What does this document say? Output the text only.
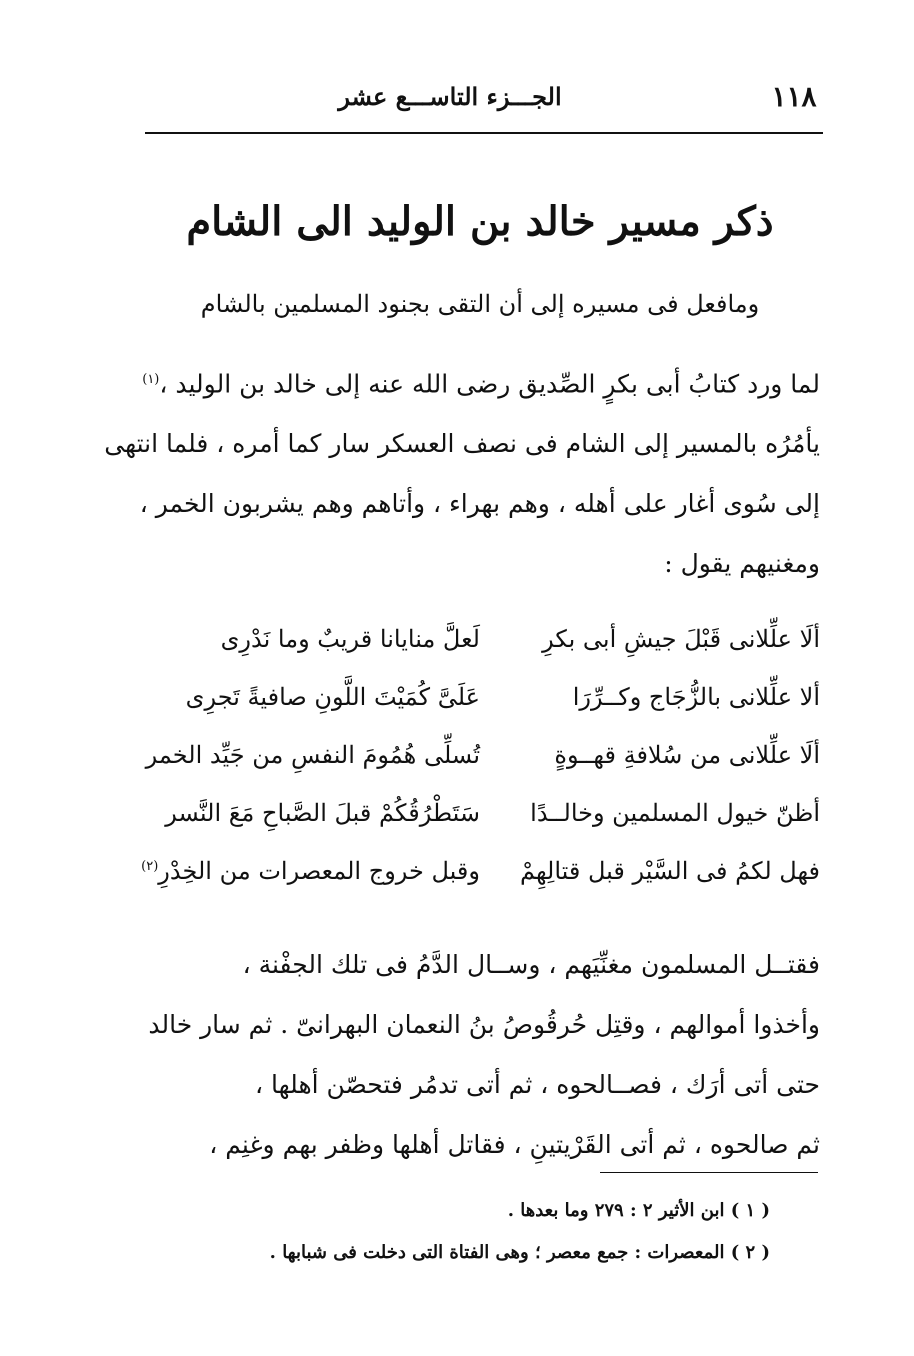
١١٨
الجـــزء التاســـع عشر
ذكر مسير خالد بن الوليد الى الشام
ومافعل فى مسيره إلى أن التقى بجنود المسلمين بالشام
لما ورد كتابُ أبى بكرٍ الصِّديق رضى الله عنه إلى خالد بن الوليد ،$^{(١)}$
يأمُرُه بالمسير إلى الشام فى نصف العسكر سار كما أمره ، فلما انتهى
إلى سُوى أغار على أهله ، وهم بهراء ، وأتاهم وهم يشربون الخمر ،
ومغنيهم يقول :
ألَا علِّلانى قَبْلَ جيشِ أبى بكرِ
لَعلَّ منايانا قريبٌ وما نَدْرِى
ألا علِّلانى بالزُّجَاج وكــرِّرَا
عَلَىَّ كُمَيْتَ اللَّونِ صافيةً تَجرِى
ألَا علِّلانى من سُلافةِ قهــوةٍ
تُسلِّى هُمُومَ النفسِ من جَيِّد الخمر
أظنّ خيول المسلمين وخالــدًا
سَتَطْرُقُكُمْ قبلَ الصَّباحِ مَعَ النَّسر
فهل لكمُ فى السَّيْر قبل قتالِهِمْ
وقبل خروج المعصرات من الخِدْرِ$^{(٢)}$
فقتــل المسلمون مغنِّيَهم ، وســال الدَّمُ فى تلك الجفْنة ،
وأخذوا أموالهم ، وقتِل حُرقُوصُ بنُ النعمان البهرانىّ . ثم سار خالد
حتى أتى أرَك ، فصــالحوه ، ثم أتى تدمُر فتحصّن أهلها ،
ثم صالحوه ، ثم أتى القَرْيتينِ ، فقاتل أهلها وظفر بهم وغنِم ،
( ١ ) ابن الأثير ٢ : ٢٧٩ وما بعدها .
( ٢ ) المعصرات : جمع معصر ؛ وهى الفتاة التى دخلت فى شبابها .
